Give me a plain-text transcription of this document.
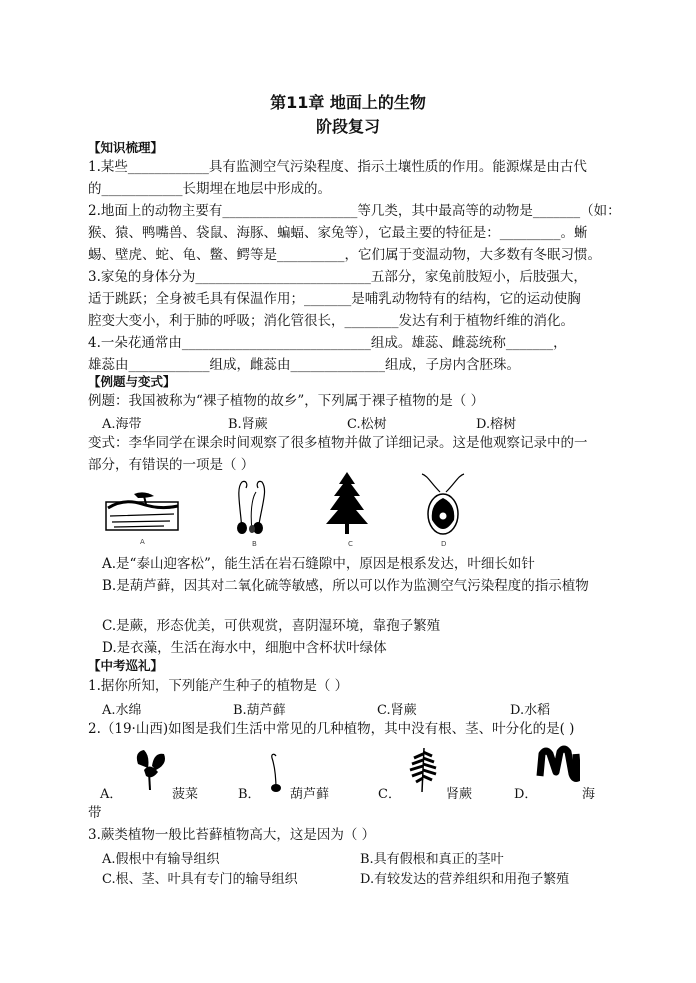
第11章 地面上的生物
阶段复习
【知识梳理】
1.某些____________具有监测空气污染程度、指示土壤性质的作用。能源煤是由古代
的____________长期埋在地层中形成的。
2.地面上的动物主要有____________________等几类，其中最高等的动物是_______（如：
猴、猿、鸭嘴兽、袋鼠、海豚、蝙蝠、家兔等），它最主要的特征是：_________。蜥
蜴、壁虎、蛇、龟、鳖、鳄等是__________，它们属于变温动物，大多数有冬眠习惯。
3.家兔的身体分为__________________________五部分，家兔前肢短小，后肢强大，
适于跳跃；全身被毛具有保温作用；_______是哺乳动物特有的结构，它的运动使胸
腔变大变小，利于肺的呼吸；消化管很长，________发达有利于植物纤维的消化。
4.一朵花通常由____________________________组成。雄蕊、雌蕊统称_______，
雄蕊由____________组成，雌蕊由______________组成，子房内含胚珠。
【例题与变式】
例题：我国被称为“裸子植物的故乡”，下列属于裸子植物的是（ ）
A.海带	B.肾蕨	C.松树	D.榕树
变式：李华同学在课余时间观察了很多植物并做了详细记录。这是他观察记录中的一
部分，有错误的一项是（ ）
A	B	C	D
A.是“泰山迎客松”，能生活在岩石缝隙中，原因是根系发达，叶细长如针
B.是葫芦藓，因其对二氧化硫等敏感，所以可以作为监测空气污染程度的指示植物
C.是蕨，形态优美，可供观赏，喜阴湿环境，靠孢子繁殖
D.是衣藻，生活在海水中，细胞中含杯状叶绿体
【中考巡礼】
1.据你所知，下列能产生种子的植物是（ ）
A.水绵	B.葫芦藓	C.肾蕨	D.水稻
2.（19·山西)如图是我们生活中常见的几种植物，其中没有根、茎、叶分化的是( )
A．	菠菜	B． 葫芦藓	C．	肾蕨	D．	海
带
3.蕨类植物一般比苔藓植物高大，这是因为（ ）
A.假根中有输导组织	B.具有假根和真正的茎叶
C.根、茎、叶具有专门的输导组织	D.有较发达的营养组织和用孢子繁殖
